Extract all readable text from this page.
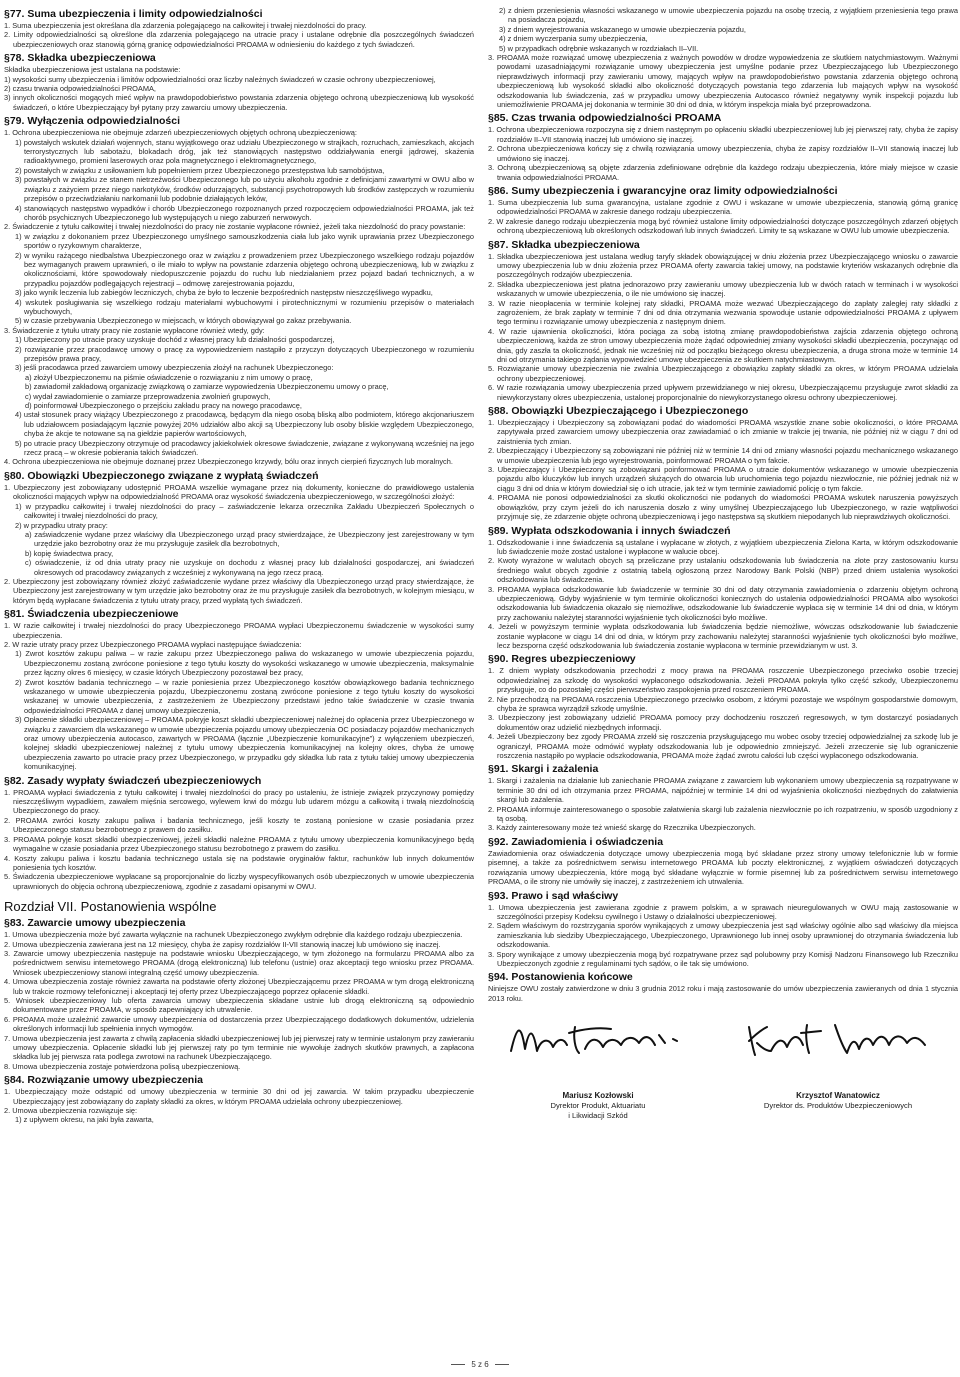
§77. Suma ubezpieczenia i limity odpowiedzialności

1. Suma ubezpieczenia jest określana dla zdarzenia polegającego na całkowitej i trwałej niezdolności do pracy.

2. Limity odpowiedzialności są określone dla zdarzenia polegającego na utracie pracy i ustalane odrębnie dla poszczególnych świadczeń ubezpieczeniowych oraz stanowią górną granicę odpowiedzialności PROAMA w odniesieniu do każdego z tych świadczeń.

§78. Składka ubezpieczeniowa

Składka ubezpieczeniowa jest ustalana na podstawie:

1) wysokości sumy ubezpieczenia i limitów odpowiedzialności oraz liczby należnych świadczeń w czasie ochrony ubezpieczeniowej,

2) czasu trwania odpowiedzialności PROAMA,

3) innych okoliczności mogących mieć wpływ na prawdopodobieństwo powstania zdarzenia objętego ochroną ubezpieczeniową lub wysokość świadczeń, o które Ubezpieczający był pytany przy zawarciu umowy ubezpieczenia.

§79. Wyłączenia odpowiedzialności

1. Ochrona ubezpieczeniowa nie obejmuje zdarzeń ubezpieczeniowych objętych ochroną ubezpieczeniową:

1) powstałych wskutek działań wojennych, stanu wyjątkowego oraz udziału Ubezpieczonego w strajkach, rozruchach, zamieszkach, akcjach terrorystycznych lub sabotażu, blokadach dróg, jak też stanowiących następstwo oddziaływania energii jądrowej, skażenia radioaktywnego, promieni laserowych oraz pola magnetycznego i elektromagnetycznego,

2) powstałych w związku z usiłowaniem lub popełnieniem przez Ubezpieczonego przestępstwa lub samobójstwa,

3) powstałych w związku ze stanem nietrzeźwości Ubezpieczonego lub po użyciu alkoholu zgodnie z definicjami zawartymi w OWU albo w związku z zażyciem przez niego narkotyków, środków odurzających, substancji psychotropowych lub środków zastępczych w rozumieniu przepisów o przeciwdziałaniu narkomanii lub podobnie działających leków,

4) stanowiących następstwo wypadków i chorób Ubezpieczonego rozpoznanych przed rozpoczęciem odpowiedzialności PROAMA, jak też chorób psychicznych Ubezpieczonego lub występujących u niego zaburzeń nerwowych.

2. Świadczenie z tytułu całkowitej i trwałej niezdolności do pracy nie zostanie wypłacone również, jeżeli taka niezdolność do pracy powstanie:

1) w związku z dokonaniem przez Ubezpieczonego umyślnego samouszkodzenia ciała lub jako wynik uprawiania przez Ubezpieczonego sportów o ryzykownym charakterze,

2) w wyniku rażącego niedbalstwa Ubezpieczonego oraz w związku z prowadzeniem przez Ubezpieczonego wszelkiego rodzaju pojazdów bez wymaganych prawem uprawnień, o ile miało to wpływ na powstanie zdarzenia objętego ochroną ubezpieczeniową, lub w związku z okolicznościami, które spowodowały niedopuszczenie pojazdu do ruchu lub niedziałaniem przez pojazd badań technicznych, a w przypadku pojazdów podlegających rejestracji – odmowę zarejestrowania pojazdu,

3) jako wynik leczenia lub zabiegów leczniczych, chyba że było to leczenie bezpośrednich następstw nieszczęśliwego wypadku,

4) wskutek posługiwania się wszelkiego rodzaju materiałami wybuchowymi i pirotechnicznymi w rozumieniu przepisów o materiałach wybuchowych,

5) w czasie przebywania Ubezpieczonego w miejscach, w których obowiązywał go zakaz przebywania.

3. Świadczenie z tytułu utraty pracy nie zostanie wypłacone również wtedy, gdy:

1) Ubezpieczony po utracie pracy uzyskuje dochód z własnej pracy lub działalności gospodarczej,

2) rozwiązanie przez pracodawcę umowy o pracę za wypowiedzeniem nastąpiło z przyczyn dotyczących Ubezpieczonego w rozumieniu przepisów prawa pracy,

3) jeśli pracodawca przed zawarciem umowy ubezpieczenia złożył na rachunek Ubezpieczonego:

a) złożył Ubezpieczonemu na piśmie oświadczenie o rozwiązaniu z nim umowy o pracę,

b) zawiadomił zakładową organizację związkową o zamiarze wypowiedzenia Ubezpieczonemu umowy o pracę,

c) wydał zawiadomienie o zamiarze przeprowadzenia zwolnień grupowych,

d) poinformował Ubezpieczonego o przejściu zakładu pracy na nowego pracodawcę,

4) ustał stosunek pracy wiążący Ubezpieczonego z pracodawcą, będącym dla niego osobą bliską albo podmiotem, którego akcjonariuszem lub udziałowcem posiadającym łącznie powyżej 20% udziałów albo akcji są Ubezpieczony lub osoby bliskie względem Ubezpieczonego, chyba że akcje te notowane są na giełdzie papierów wartościowych,

5) po utracie pracy Ubezpieczony otrzymuje od pracodawcy jakiekolwiek okresowe świadczenie, związane z wykonywaną wcześniej na jego rzecz pracą – w okresie pobierania takich świadczeń.

4. Ochrona ubezpieczeniowa nie obejmuje doznanej przez Ubezpieczonego krzywdy, bólu oraz innych cierpień fizycznych lub moralnych.

§80. Obowiązki Ubezpieczonego związane z wypłatą świadczeń

1. Ubezpieczony jest zobowiązany udostępnić PROAMA wszelkie wymagane przez nią dokumenty, konieczne do prawidłowego ustalenia okoliczności mających wpływ na odpowiedzialność PROAMA oraz wysokość świadczenia ubezpieczeniowego, w szczególności złożyć:

1) w przypadku całkowitej i trwałej niezdolności do pracy – zaświadczenie lekarza orzecznika Zakładu Ubezpieczeń Społecznych o całkowitej i trwałej niezdolności do pracy,

2) w przypadku utraty pracy:

a) zaświadczenie wydane przez właściwy dla Ubezpieczonego urząd pracy stwierdzające, że Ubezpieczony jest zarejestrowany w tym urzędzie jako bezrobotny oraz że mu przysługuje zasiłek dla bezrobotnych,

b) kopię świadectwa pracy,

c) oświadczenie, iż od dnia utraty pracy nie uzyskuje on dochodu z własnej pracy lub działalności gospodarczej, ani świadczeń okresowych od pracodawcy związanych z wcześniej z wykonywaną na jego rzecz pracą.

2. Ubezpieczony jest zobowiązany również złożyć zaświadczenie wydane przez właściwy dla Ubezpieczonego urząd pracy stwierdzające, że Ubezpieczony jest zarejestrowany w tym urzędzie jako bezrobotny oraz że mu przysługuje zasiłek dla bezrobotnych, w kolejnym miesiącu, w którym będą wypłacane świadczenia z tytułu utraty pracy, przed wypłatą tych świadczeń.

§81. Świadczenia ubezpieczeniowe

1. W razie całkowitej i trwałej niezdolności do pracy Ubezpieczonego PROAMA wypłaci Ubezpieczonemu świadczenie w wysokości sumy ubezpieczenia.

2. W razie utraty pracy przez Ubezpieczonego PROAMA wypłaci następujące świadczenia:

1) Zwrot kosztów zakupu paliwa – w razie zakupu przez Ubezpieczonego paliwa do wskazanego w umowie ubezpieczenia pojazdu, Ubezpieczonemu zostaną zwrócone poniesione z tego tytułu koszty do wysokości wskazanego w umowie ubezpieczenia, maksymalnie przez łączny okres 6 miesięcy, w czasie których Ubezpieczony pozostawał bez pracy,

2) Zwrot kosztów badania technicznego – w razie poniesienia przez Ubezpieczonego kosztów obowiązkowego badania technicznego wskazanego w umowie ubezpieczenia pojazdu, Ubezpieczonemu zostaną zwrócone poniesione z tego tytułu koszty do wysokości wskazanej w umowie ubezpieczenia, z zastrzeżeniem że Ubezpieczony przedstawi jedno takie świadczenie w czasie trwania odpowiedzialności PROAMA z danej umowy ubezpieczenia,

3) Opłacenie składki ubezpieczeniowej – PROAMA pokryje koszt składki ubezpieczeniowej należnej do opłacenia przez Ubezpieczonego w związku z zawarciem dla wskazanego w umowie ubezpieczenia pojazdu umowy ubezpieczenia OC posiadaczy pojazdów mechanicznych oraz umowy ubezpieczenia autocasco, zawartych w PROAMA (łącznie „Ubezpieczenie komunikacyjne”) z wyłączeniem ubezpieczeń, kolejnej składki ubezpieczeniowej należnej z tytułu umowy ubezpieczenia komunikacyjnej na kolejny okres, chyba że umowę ubezpieczenia zawarto po utracie pracy przez Ubezpieczonego, w przypadku gdy składka lub rata z tytułu takiej umowy ubezpieczenia komunikacyjnej.

§82. Zasady wypłaty świadczeń ubezpieczeniowych

1. PROAMA wypłaci świadczenia z tytułu całkowitej i trwałej niezdolności do pracy po ustaleniu, że istnieje związek przyczynowy pomiędzy nieszczęśliwym wypadkiem, zawałem mięśnia sercowego, wylewem krwi do mózgu lub udarem mózgu a całkowitą i trwałą niezdolnością Ubezpieczonego do pracy.

2. PROAMA zwróci koszty zakupu paliwa i badania technicznego, jeśli koszty te zostaną poniesione w czasie posiadania przez Ubezpieczonego statusu bezrobotnego z prawem do zasiłku.

3. PROAMA pokryje koszt składki ubezpieczeniowej, jeżeli składki należne PROAMA z tytułu umowy ubezpieczenia komunikacyjnego będą wymagalne w czasie posiadania przez Ubezpieczonego statusu bezrobotnego z prawem do zasiłku.

4. Koszty zakupu paliwa i kosztu badania technicznego ustala się na podstawie oryginałów faktur, rachunków lub innych dokumentów poniesienia tych kosztów.

5. Świadczenia ubezpieczeniowe wypłacane są proporcjonalnie do liczby wyspecyfikowanych osób ubezpieczonych w umowie ubezpieczenia uprawnionych do objęcia ochroną ubezpieczeniową, zgodnie z zasadami opisanymi w OWU.

Rozdział VII. Postanowienia wspólne
§83. Zawarcie umowy ubezpieczenia

1. Umowa ubezpieczenia może być zawarta wyłącznie na rachunek Ubezpieczonego zwykłym odrębnie dla każdego rodzaju ubezpieczenia.

2. Umowa ubezpieczenia zawierana jest na 12 miesięcy, chyba że zapisy rozdziałów II-VII stanowią inaczej lub umówiono się inaczej.

3. Zawarcie umowy ubezpieczenia następuje na podstawie wniosku Ubezpieczającego, w tym złożonego na formularzu PROAMA albo za pośrednictwem serwisu internetowego PROAMA (drogą elektroniczną) lub telefonu (ustnie) oraz akceptacji tego wniosku przez PROAMA. Wniosek ubezpieczeniowy stanowi integralną część umowy ubezpieczenia.

4. Umowa ubezpieczenia zostaje również zawarta na podstawie oferty złożonej Ubezpieczającemu przez PROAMA w tym drogą elektroniczną lub w trakcie rozmowy telefonicznej i akceptacji tej oferty przez Ubezpieczającego poprzez opłacenie składki.

5. Wniosek ubezpieczeniowy lub oferta zawarcia umowy ubezpieczenia składane ustnie lub drogą elektroniczną są odpowiednio dokumentowane przez PROAMA, w sposób zapewniający ich utrwalenie.

6. PROAMA może uzależnić zawarcie umowy ubezpieczenia od dostarczenia przez Ubezpieczającego dodatkowych dokumentów, udzielenia określonych informacji lub spełnienia innych wymogów.

7. Umowa ubezpieczenia jest zawarta z chwilą zapłacenia składki ubezpieczeniowej lub jej pierwszej raty w terminie ustalonym przy zawieraniu umowy ubezpieczenia. Opłacenie składki lub jej pierwszej raty po tym terminie nie wywołuje żadnych skutków prawnych, a zapłacona składka lub jej pierwsza rata podlega zwrotowi na rachunek Ubezpieczającego.

8. Umowa ubezpieczenia zostaje potwierdzona polisą ubezpieczeniową.

§84. Rozwiązanie umowy ubezpieczenia

1. Ubezpieczający może odstąpić od umowy ubezpieczenia w terminie 30 dni od jej zawarcia. W takim przypadku ubezpieczenie Ubezpieczający jest zobowiązany do zapłaty składki za okres, w którym PROAMA udzielała ochrony ubezpieczeniowej.

2. Umowa ubezpieczenia rozwiązuje się:

1) z upływem okresu, na jaki była zawarta,

2) z dniem przeniesienia własności wskazanego w umowie ubezpieczenia pojazdu na osobę trzecią, z wyjątkiem przeniesienia tego prawa na posiadacza pojazdu,

3) z dniem wyrejestrowania wskazanego w umowie ubezpieczenia pojazdu,

4) z dniem wyczerpania sumy ubezpieczenia,

5) w przypadkach odrębnie wskazanych w rozdziałach II–VII.

3. PROAMA może rozwiązać umowę ubezpieczenia z ważnych powodów w drodze wypowiedzenia ze skutkiem natychmiastowym. Ważnymi powodami uzasadniającymi rozwiązanie umowy ubezpieczenia jest umyślne podanie przez Ubezpieczającego lub Ubezpieczonego nieprawdziwych informacji przy zawieraniu umowy, mających wpływ na prawdopodobieństwo powstania zdarzenia objętego ochroną ubezpieczeniową lub wysokość składki albo okoliczność dotyczących powstania tego zdarzenia lub mających wpływ na wysokość odszkodowania lub świadczenia, zaś w przypadku umowy ubezpieczenia Autocasco również negatywny wynik inspekcji pojazdu lub uniemożliwienie PROAMA jej dokonania w terminie 30 dni od dnia, w którym inspekcja miała być przeprowadzona.

§85. Czas trwania odpowiedzialności PROAMA

1. Ochrona ubezpieczeniowa rozpoczyna się z dniem następnym po opłaceniu składki ubezpieczeniowej lub jej pierwszej raty, chyba że zapisy rozdziałów II–VII stanowią inaczej lub umówiono się inaczej.

2. Ochrona ubezpieczeniowa kończy się z chwilą rozwiązania umowy ubezpieczenia, chyba że zapisy rozdziałów II–VII stanowią inaczej lub umówiono się inaczej.

3. Ochroną ubezpieczeniową są objęte zdarzenia zdefiniowane odrębnie dla każdego rodzaju ubezpieczenia, które miały miejsce w czasie trwania odpowiedzialności PROAMA.

§86. Sumy ubezpieczenia i gwarancyjne oraz limity odpowiedzialności

1. Suma ubezpieczenia lub suma gwarancyjna, ustalane zgodnie z OWU i wskazane w umowie ubezpieczenia, stanowią górną granicę odpowiedzialności PROAMA w zakresie danego rodzaju ubezpieczenia.

2. W zakresie danego rodzaju ubezpieczenia mogą być również ustalone limity odpowiedzialności dotyczące poszczególnych zdarzeń objętych ochroną ubezpieczeniową lub określonych odszkodowań lub innych świadczeń. Limity te są wskazane w OWU lub umowie ubezpieczenia.

§87. Składka ubezpieczeniowa

1. Składka ubezpieczeniowa jest ustalana według taryfy składek obowiązującej w dniu złożenia przez Ubezpieczającego wniosku o zawarcie umowy ubezpieczenia lub w dniu złożenia przez PROAMA oferty zawarcia takiej umowy, na podstawie kryteriów wskazanych odrębnie dla poszczególnych rodzajów ubezpieczenia.

2. Składka ubezpieczeniowa jest płatna jednorazowo przy zawieraniu umowy ubezpieczenia lub w dwóch ratach w terminach i w wysokości wskazanych w umowie ubezpieczenia, o ile nie umówiono się inaczej.

3. W razie nieopłacenia w terminie kolejnej raty składki, PROAMA może wezwać Ubezpieczającego do zapłaty zaległej raty składki z zagrożeniem, że brak zapłaty w terminie 7 dni od dnia otrzymania wezwania spowoduje ustanie odpowiedzialności PROAMA z upływem tego terminu i rozwiązanie umowy ubezpieczenia z następnym dniem.

4. W razie ujawnienia okoliczności, która pociąga za sobą istotną zmianę prawdopodobieństwa zajścia zdarzenia objętego ochroną ubezpieczeniową, każda ze stron umowy ubezpieczenia może żądać odpowiedniej zmiany wysokości składki ubezpieczenia, poczynając od dnia, gdy zaszła ta okoliczność, jednak nie wcześniej niż od początku bieżącego okresu ubezpieczenia, a druga strona może w terminie 14 dni od otrzymania takiego żądania wypowiedzieć umowę ubezpieczenia ze skutkiem natychmiastowym.

5. Rozwiązanie umowy ubezpieczenia nie zwalnia Ubezpieczającego z obowiązku zapłaty składki za okres, w którym PROAMA udzielała ochrony ubezpieczeniowej.

6. W razie rozwiązania umowy ubezpieczenia przed upływem przewidzianego w niej okresu, Ubezpieczającemu przysługuje zwrot składki za niewykorzystany okres ubezpieczenia, ustalonej proporcjonalnie do niewykorzystanego okresu ochrony ubezpieczeniowej.

§88. Obowiązki Ubezpieczającego i Ubezpieczonego

1. Ubezpieczający i Ubezpieczony są zobowiązani podać do wiadomości PROAMA wszystkie znane sobie okoliczności, o które PROAMA zapytywała przed zawarciem umowy ubezpieczenia oraz zawiadamiać o ich zmianie w trakcie jej trwania, nie później niż w ciągu 7 dni od zaistnienia tych zmian.

2. Ubezpieczający i Ubezpieczony są zobowiązani nie później niż w terminie 14 dni od zmiany własności pojazdu mechanicznego wskazanego w umowie ubezpieczenia lub jego wyrejestrowania, poinformować PROAMA o tym fakcie.

3. Ubezpieczający i Ubezpieczony są zobowiązani poinformować PROAMA o utracie dokumentów wskazanego w umowie ubezpieczenia pojazdu albo kluczyków lub innych urządzeń służących do otwarcia lub uruchomienia tego pojazdu niezwłocznie, nie później jednak niż w ciągu 3 dni od dnia w którym dowiedział się o ich utracie, jak też w tym terminie zawiadomić policję o tym fakcie.

4. PROAMA nie ponosi odpowiedzialności za skutki okoliczności nie podanych do wiadomości PROAMA wskutek naruszenia powyższych obowiązków, przy czym jeżeli do ich naruszenia doszło z winy umyślnej Ubezpieczającego lub Ubezpieczonego, w razie wątpliwości przyjmuje się, że zdarzenie objęte ochroną ubezpieczeniową i jego następstwa są skutkiem niepodanych lub nieprawdziwych okoliczności.

§89. Wypłata odszkodowania i innych świadczeń

1. Odszkodowanie i inne świadczenia są ustalane i wypłacane w złotych, z wyjątkiem ubezpieczenia Zielona Karta, w którym odszkodowanie lub świadczenie może zostać ustalone i wypłacone w walucie obcej.

2. Kwoty wyrażone w walutach obcych są przeliczane przy ustalaniu odszkodowania lub świadczenia na złote przy zastosowaniu kursu średniego walut obcych zgodnie z ostatnią tabelą ogłoszoną przez Narodowy Bank Polski (NBP) przed dniem ustalenia wysokości odszkodowania lub świadczenia.

3. PROAMA wypłaca odszkodowanie lub świadczenie w terminie 30 dni od daty otrzymania zawiadomienia o zdarzeniu objętym ochroną ubezpieczeniową. Gdyby wyjaśnienie w tym terminie okoliczności koniecznych do ustalenia odpowiedzialności PROAMA albo wysokości odszkodowania lub świadczenia okazało się niemożliwe, odszkodowanie lub świadczenie wypłaca się w terminie 14 dni od dnia, w którym przy zachowaniu należytej staranności wyjaśnienie tych okoliczności było możliwe.

4. Jeżeli w powyższym terminie wypłata odszkodowania lub świadczenia będzie niemożliwe, wówczas odszkodowanie lub świadczenie zostanie wypłacone w ciągu 14 dni od dnia, w którym przy zachowaniu należytej staranności wyjaśnienie tych okoliczności było możliwe, lecz bezsporna część odszkodowania lub świadczenia zostanie wypłacona w terminie przewidzianym w ust. 3.

§90. Regres ubezpieczeniowy

1. Z dniem wypłaty odszkodowania przechodzi z mocy prawa na PROAMA roszczenie Ubezpieczonego przeciwko osobie trzeciej odpowiedzialnej za szkodę do wysokości wypłaconego odszkodowania. Jeżeli PROAMA pokryła tylko część szkody, Ubezpieczonemu przysługuje, co do pozostałej części pierwszeństwo zaspokojenia przed roszczeniem PROAMA.

2. Nie przechodzą na PROAMA roszczenia Ubezpieczonego przeciwko osobom, z którymi pozostaje we wspólnym gospodarstwie domowym, chyba że sprawca wyrządził szkodę umyślnie.

3. Ubezpieczony jest zobowiązany udzielić PROAMA pomocy przy dochodzeniu roszczeń regresowych, w tym dostarczyć posiadanych dokumentów oraz udzielić niezbędnych informacji.

4. Jeżeli Ubezpieczony bez zgody PROAMA zrzekł się roszczenia przysługującego mu wobec osoby trzeciej odpowiedzialnej za szkodę lub je ograniczył, PROAMA może odmówić wypłaty odszkodowania lub je odpowiednio zmniejszyć. Jeżeli zrzeczenie się lub ograniczenie roszczenia nastąpiło po wypłacie odszkodowania, PROAMA może żądać zwrotu całości lub części wypłaconego odszkodowania.

§91. Skargi i zażalenia

1. Skargi i zażalenia na działanie lub zaniechanie PROAMA związane z zawarciem lub wykonaniem umowy ubezpieczenia są rozpatrywane w terminie 30 dni od ich otrzymania przez PROAMA, najpóźniej w terminie 14 dni od wyjaśnienia okoliczności niezbędnych do załatwienia skargi lub zażalenia.

2. PROAMA informuje zainteresowanego o sposobie załatwienia skargi lub zażalenia niezwłocznie po ich rozpatrzeniu, w sposób uzgodniony z tą osobą.

3. Każdy zainteresowany może też wnieść skargę do Rzecznika Ubezpieczonych.

§92. Zawiadomienia i oświadczenia

Zawiadomienia oraz oświadczenia dotyczące umowy ubezpieczenia mogą być składane przez strony umowy telefonicznie lub w formie pisemnej, a także za pośrednictwem serwisu internetowego PROAMA lub poczty elektronicznej, z wyjątkiem oświadczeń dotyczących rozwiązania umowy ubezpieczenia, które mogą być składane wyłącznie w formie pisemnej lub za pośrednictwem serwisu internetowego PROAMA, o ile strony nie umówiły się inaczej, z zastrzeżeniem ich utrwalenia.

§93. Prawo i sąd właściwy

1. Umowa ubezpieczenia jest zawierana zgodnie z prawem polskim, a w sprawach nieuregulowanych w OWU mają zastosowanie w szczególności przepisy Kodeksu cywilnego i Ustawy o działalności ubezpieczeniowej.

2. Sądem właściwym do rozstrzygania sporów wynikających z umowy ubezpieczenia jest sąd właściwy ogólnie albo sąd właściwy dla miejsca zamieszkania lub siedziby Ubezpieczającego, Ubezpieczonego, Uprawnionego lub innej osoby uprawnionej do otrzymania świadczenia lub odszkodowania.

3. Spory wynikające z umowy ubezpieczenia mogą być rozpatrywane przez sąd polubowny przy Komisji Nadzoru Finansowego lub Rzeczniku Ubezpieczonych zgodnie z regulaminami tych sądów, o ile tak się umówiono.

§94. Postanowienia końcowe

Niniejsze OWU zostały zatwierdzone w dniu 3 grudnia 2012 roku i mają zastosowanie do umów ubezpieczenia zawieranych od dnia 1 stycznia 2013 roku.

Mariusz Kozłowski
Dyrektor Produkt, Aktuariatu
i Likwidacji Szkód
Krzysztof Wanatowicz
Dyrektor ds. Produktów Ubezpieczeniowych
5 z 6
